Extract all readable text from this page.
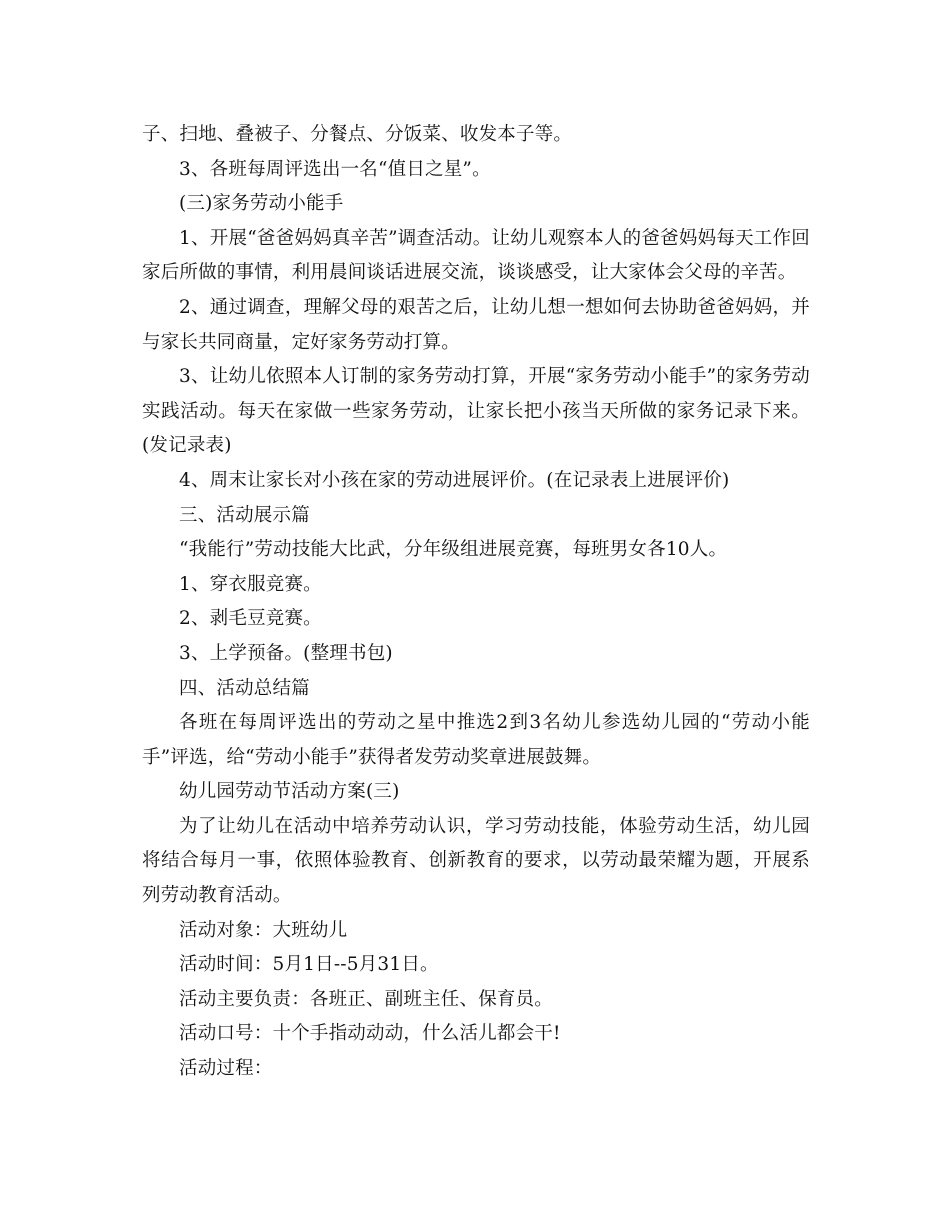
子、扫地、叠被子、分餐点、分饭菜、收发本子等。

3、各班每周评选出一名“值日之星”。

(三)家务劳动小能手

1、开展“爸爸妈妈真辛苦”调查活动。让幼儿观察本人的爸爸妈妈每天工作回家后所做的事情，利用晨间谈话进展交流，谈谈感受，让大家体会父母的辛苦。

2、通过调查，理解父母的艰苦之后，让幼儿想一想如何去协助爸爸妈妈，并与家长共同商量，定好家务劳动打算。

3、让幼儿依照本人订制的家务劳动打算，开展“家务劳动小能手”的家务劳动实践活动。每天在家做一些家务劳动，让家长把小孩当天所做的家务记录下来。(发记录表)

4、周末让家长对小孩在家的劳动进展评价。(在记录表上进展评价)

三、活动展示篇

“我能行”劳动技能大比武，分年级组进展竞赛，每班男女各10人。

1、穿衣服竞赛。

2、剥毛豆竞赛。

3、上学预备。(整理书包)

四、活动总结篇

各班在每周评选出的劳动之星中推选2到3名幼儿参选幼儿园的“劳动小能手”评选，给“劳动小能手”获得者发劳动奖章进展鼓舞。

幼儿园劳动节活动方案(三)

为了让幼儿在活动中培养劳动认识，学习劳动技能，体验劳动生活，幼儿园将结合每月一事，依照体验教育、创新教育的要求，以劳动最荣耀为题，开展系列劳动教育活动。

活动对象：大班幼儿

活动时间：5月1日--5月31日。

活动主要负责：各班正、副班主任、保育员。

活动口号：十个手指动动动，什么活儿都会干!

活动过程：
